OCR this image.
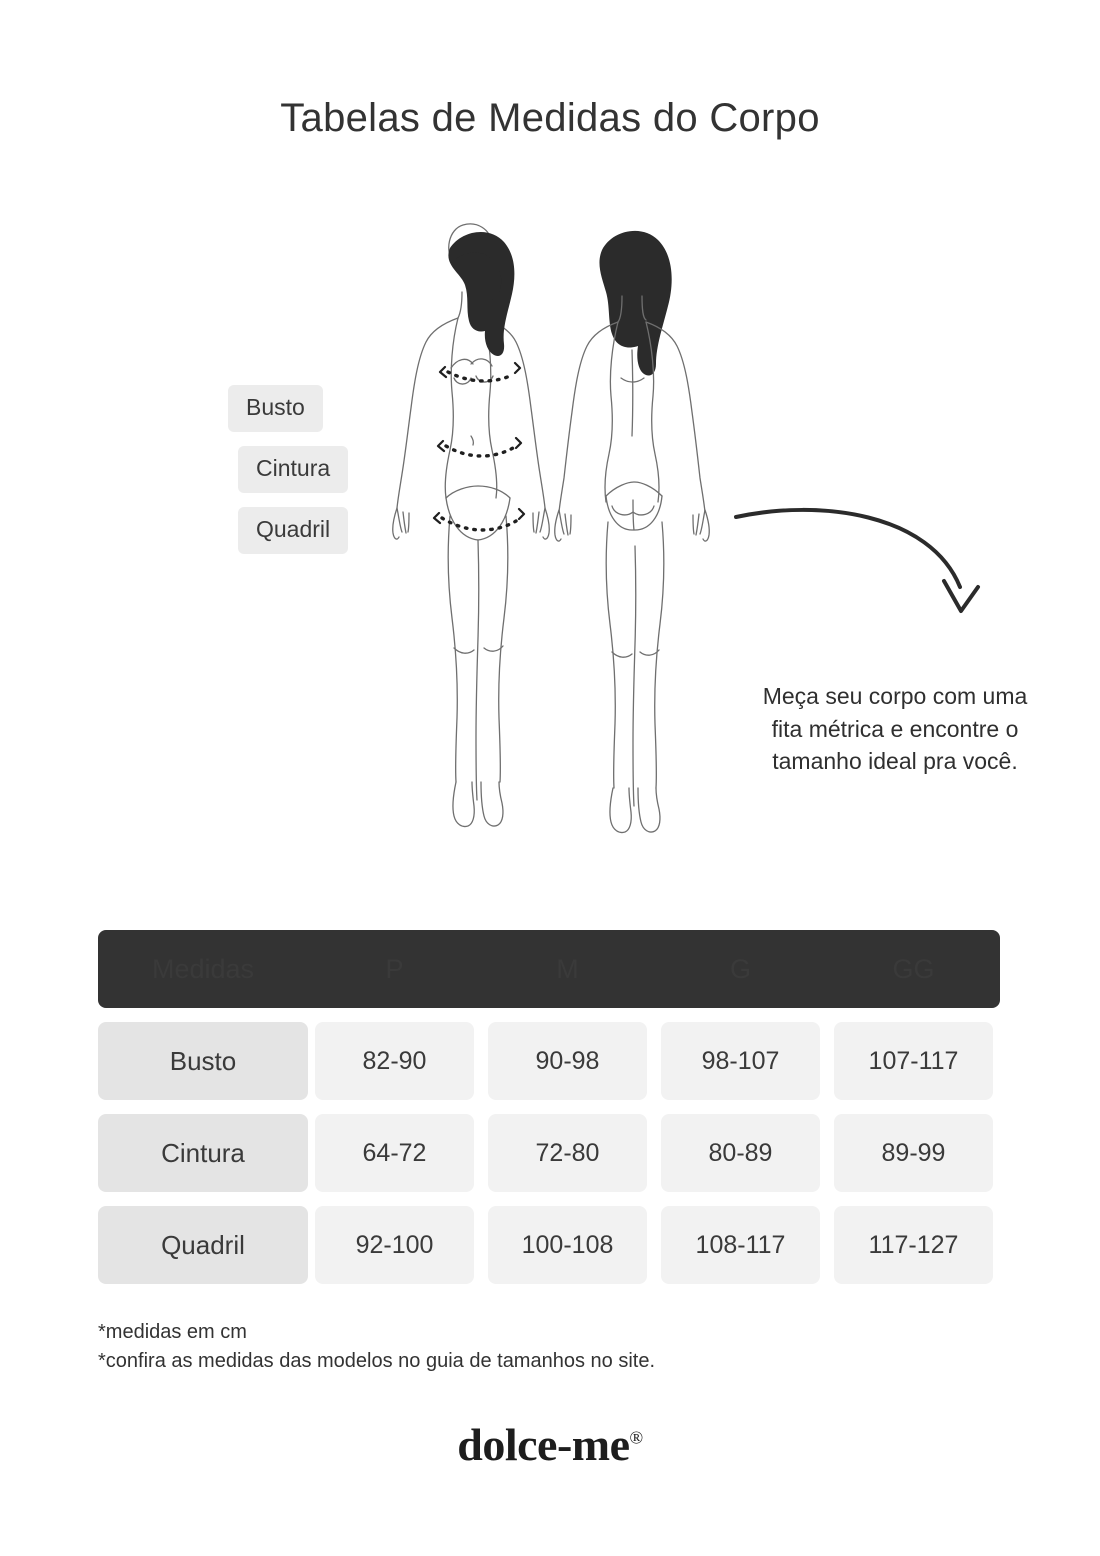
Tabelas de Medidas do Corpo
Busto
Cintura
Quadril
Meça seu corpo com uma fita métrica e encontre o tamanho ideal pra você.
Medidas	P	M	G	GG
Busto	82-90	90-98	98-107	107-117
Cintura	64-72	72-80	80-89	89-99
Quadril	92-100	100-108	108-117	117-127
*medidas em cm
*confira as medidas das modelos no guia de tamanhos no site.
dolce-me®
